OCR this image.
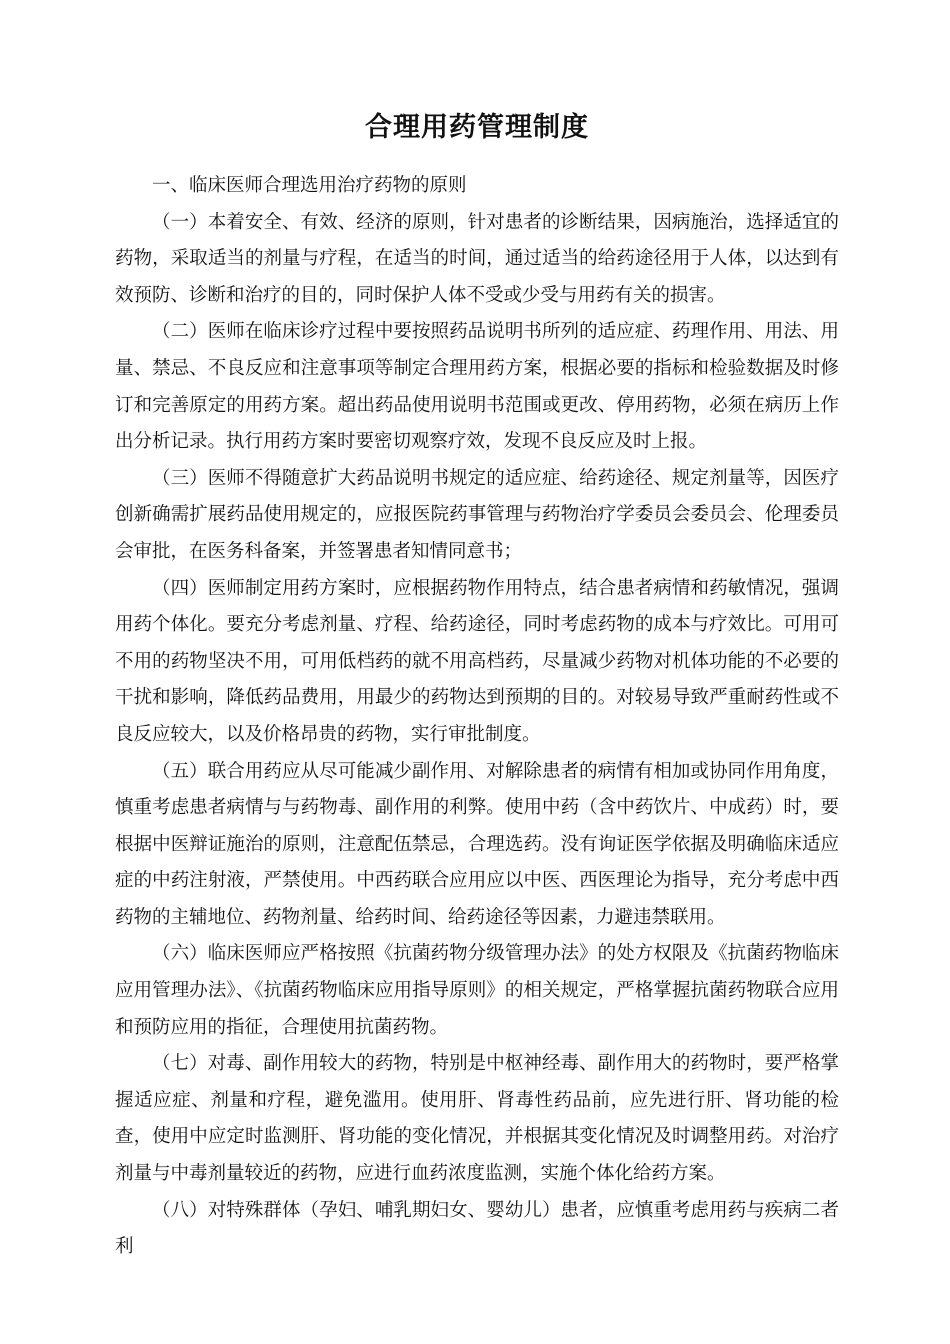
合理用药管理制度

一、临床医师合理选用治疗药物的原则

（一）本着安全、有效、经济的原则，针对患者的诊断结果，因病施治，选择适宜的药物，采取适当的剂量与疗程，在适当的时间，通过适当的给药途径用于人体，以达到有效预防、诊断和治疗的目的，同时保护人体不受或少受与用药有关的损害。

（二）医师在临床诊疗过程中要按照药品说明书所列的适应症、药理作用、用法、用量、禁忌、不良反应和注意事项等制定合理用药方案，根据必要的指标和检验数据及时修订和完善原定的用药方案。超出药品使用说明书范围或更改、停用药物，必须在病历上作出分析记录。执行用药方案时要密切观察疗效，发现不良反应及时上报。

（三）医师不得随意扩大药品说明书规定的适应症、给药途径、规定剂量等，因医疗创新确需扩展药品使用规定的，应报医院药事管理与药物治疗学委员会委员会、伦理委员会审批，在医务科备案，并签署患者知情同意书；

（四）医师制定用药方案时，应根据药物作用特点，结合患者病情和药敏情况，强调用药个体化。要充分考虑剂量、疗程、给药途径，同时考虑药物的成本与疗效比。可用可不用的药物坚决不用，可用低档药的就不用高档药，尽量减少药物对机体功能的不必要的干扰和影响，降低药品费用，用最少的药物达到预期的目的。对较易导致严重耐药性或不良反应较大，以及价格昂贵的药物，实行审批制度。

（五）联合用药应从尽可能减少副作用、对解除患者的病情有相加或协同作用角度，慎重考虑患者病情与与药物毒、副作用的利弊。使用中药（含中药饮片、中成药）时，要根据中医辩证施治的原则，注意配伍禁忌，合理选药。没有询证医学依据及明确临床适应症的中药注射液，严禁使用。中西药联合应用应以中医、西医理论为指导，充分考虑中西药物的主辅地位、药物剂量、给药时间、给药途径等因素，力避违禁联用。

（六）临床医师应严格按照《抗菌药物分级管理办法》的处方权限及《抗菌药物临床应用管理办法》、《抗菌药物临床应用指导原则》的相关规定，严格掌握抗菌药物联合应用和预防应用的指征，合理使用抗菌药物。

（七）对毒、副作用较大的药物，特别是中枢神经毒、副作用大的药物时，要严格掌握适应症、剂量和疗程，避免滥用。使用肝、肾毒性药品前，应先进行肝、肾功能的检查，使用中应定时监测肝、肾功能的变化情况，并根据其变化情况及时调整用药。对治疗剂量与中毒剂量较近的药物，应进行血药浓度监测，实施个体化给药方案。

（八）对特殊群体（孕妇、哺乳期妇女、婴幼儿）患者，应慎重考虑用药与疾病二者利
